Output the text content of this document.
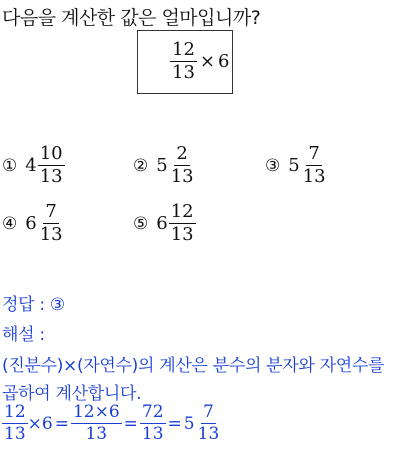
다음을 계산한 값은 얼마입니까?
$\frac{12}{13} \times 6$
① $4 \frac{10}{13}$	② $5 \frac{2}{13}$	③ $5 \frac{7}{13}$
④ $6 \frac{7}{13}$	⑤ $6 \frac{12}{13}$
정답 : ③
해설 :
(진분수)×(자연수)의 계산은 분수의 분자와 자연수를
곱하여 계산합니다.
$\frac{12}{13} \times 6 = \frac{12\times 6}{13} = \frac{72}{13} = 5 \frac{7}{13}$
